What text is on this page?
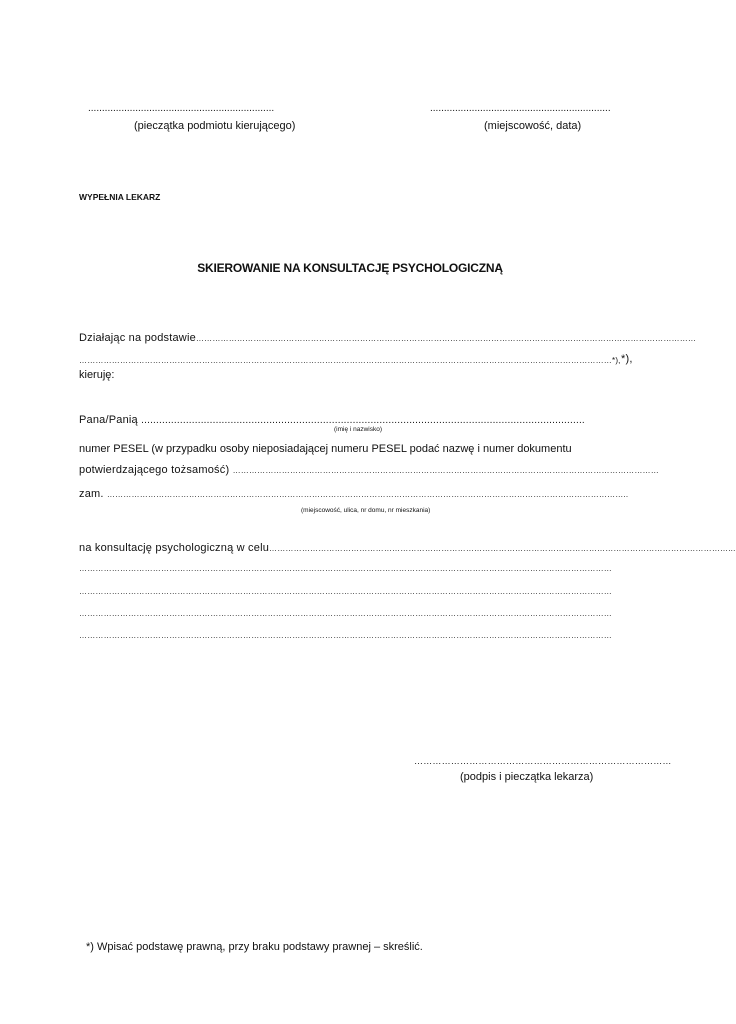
...................................................................
(pieczątka podmiotu kierującego)
.................................................................
(miejscowość, data)
WYPEŁNIA LEKARZ
SKIEROWANIE NA KONSULTACJĘ PSYCHOLOGICZNĄ
Działając na podstawie…………………………………………………………………………………………………………………………………………………………………
……………………………………………………………………………………………………………………………………………………………………………*),*),
kieruję:
Pana/Panią .....................................................................................................................................................
(imię i nazwisko)
numer PESEL (w przypadku osoby nieposiadającej numeru PESEL podać nazwę i numer dokumentu
potwierdzającego tożsamość) …………………………………………………………………………………………………………………………………………
zam. ………………………………………………………………………………………………………………………………………………………………………..
(miejscowość, ulica, nr domu, nr mieszkania)
na konsultację psychologiczną w celu……………………………………………………………………………………………………………………………………………………...
……………………………………………………………………………………………………………………………………………………………………………
……………………………………………………………………………………………………………………………………………………………………………
……………………………………………………………………………………………………………………………………………………………………………
……………………………………………………………………………………………………………………………………………………………………………
…………………………………………………………………………
(podpis i pieczątka lekarza)
*) Wpisać podstawę prawną, przy braku podstawy prawnej – skreślić.
